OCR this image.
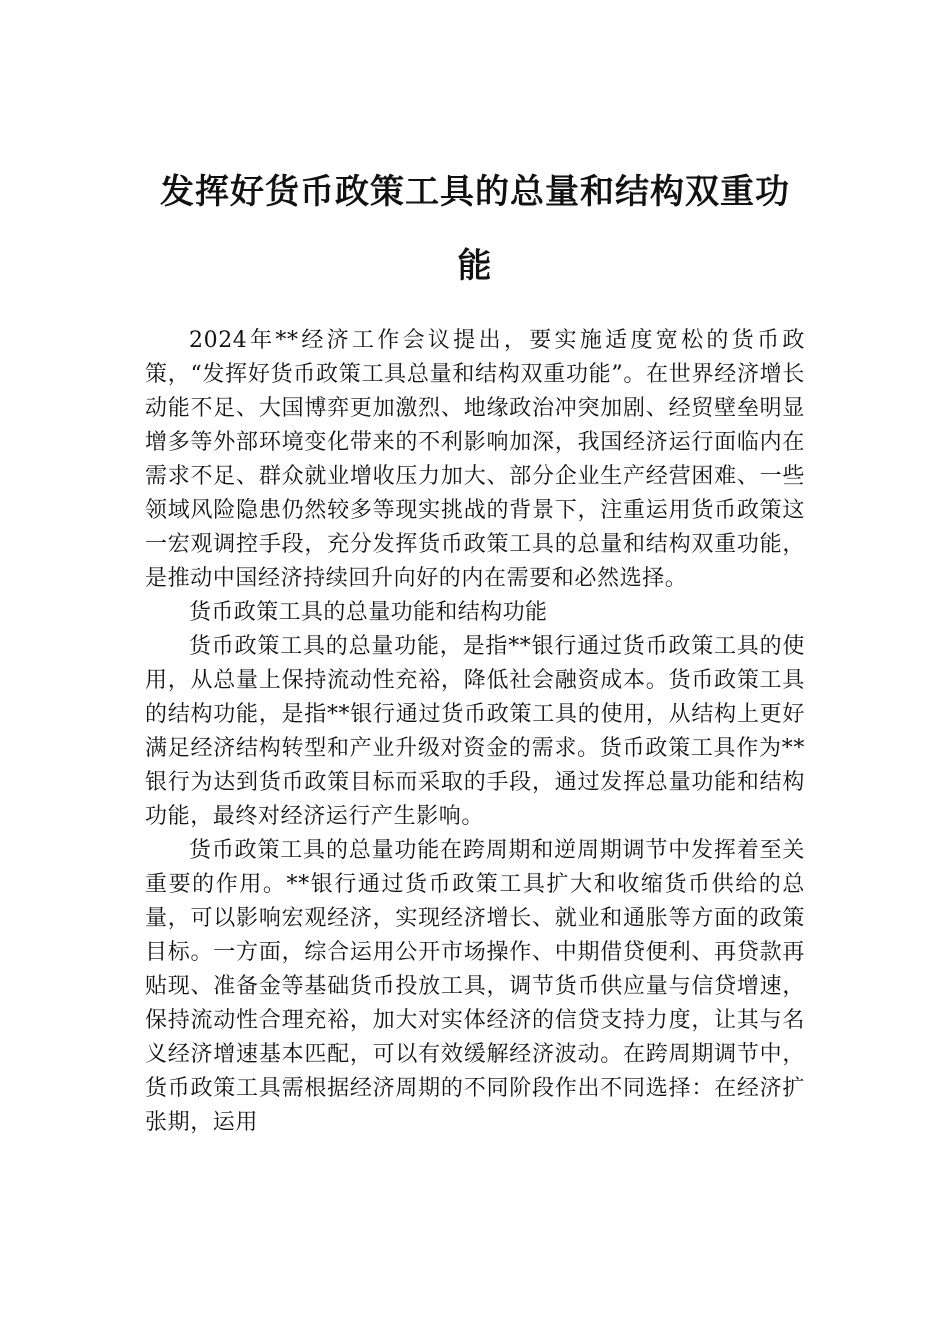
发挥好货币政策工具的总量和结构双重功能

2024年**经济工作会议提出，要实施适度宽松的货币政策，“发挥好货币政策工具总量和结构双重功能”。在世界经济增长动能不足、大国博弈更加激烈、地缘政治冲突加剧、经贸壁垒明显增多等外部环境变化带来的不利影响加深，我国经济运行面临内在需求不足、群众就业增收压力加大、部分企业生产经营困难、一些领域风险隐患仍然较多等现实挑战的背景下，注重运用货币政策这一宏观调控手段，充分发挥货币政策工具的总量和结构双重功能，是推动中国经济持续回升向好的内在需要和必然选择。

货币政策工具的总量功能和结构功能

货币政策工具的总量功能，是指**银行通过货币政策工具的使用，从总量上保持流动性充裕，降低社会融资成本。货币政策工具的结构功能，是指**银行通过货币政策工具的使用，从结构上更好满足经济结构转型和产业升级对资金的需求。货币政策工具作为**银行为达到货币政策目标而采取的手段，通过发挥总量功能和结构功能，最终对经济运行产生影响。

货币政策工具的总量功能在跨周期和逆周期调节中发挥着至关重要的作用。**银行通过货币政策工具扩大和收缩货币供给的总量，可以影响宏观经济，实现经济增长、就业和通胀等方面的政策目标。一方面，综合运用公开市场操作、中期借贷便利、再贷款再贴现、准备金等基础货币投放工具，调节货币供应量与信贷增速，保持流动性合理充裕，加大对实体经济的信贷支持力度，让其与名义经济增速基本匹配，可以有效缓解经济波动。在跨周期调节中，货币政策工具需根据经济周期的不同阶段作出不同选择：在经济扩张期，运用
